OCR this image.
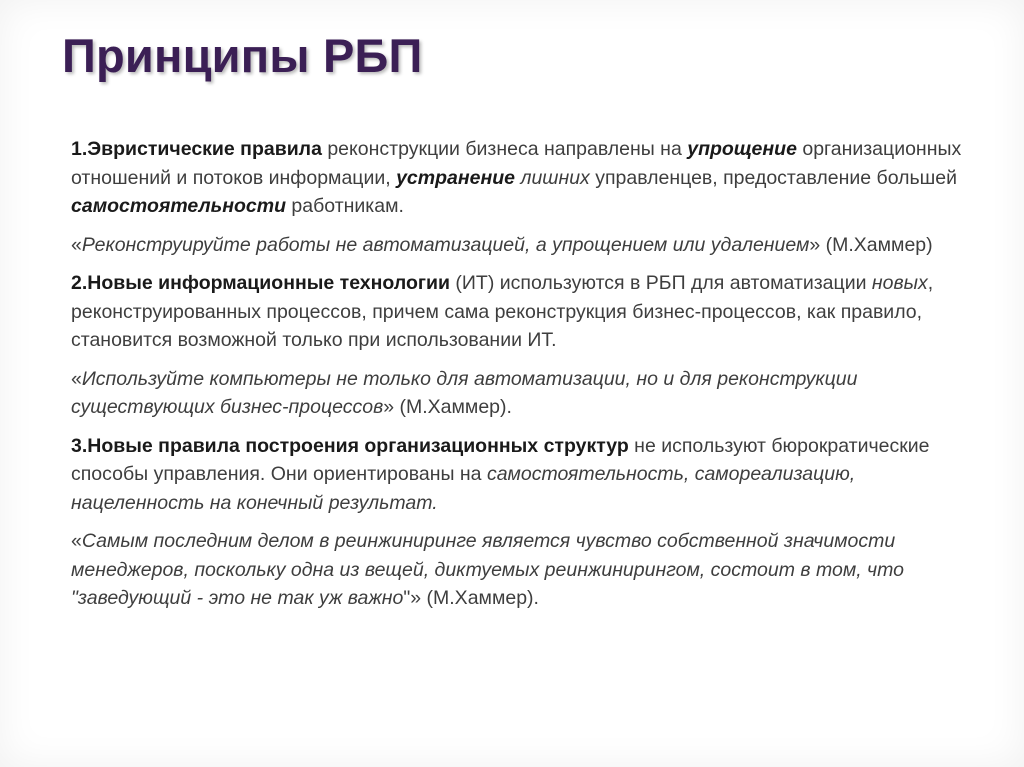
Принципы РБП

1.Эвристические правила реконструкции бизнеса направлены на упрощение организационных отношений и потоков информации, устранение лишних управленцев, предоставление большей самостоятельности работникам.

«Реконструируйте работы не автоматизацией, а упрощением или удалением» (М.Хаммер)

2.Новые информационные технологии (ИТ) используются в РБП для автоматизации новых, реконструированных процессов, причем сама реконструкция бизнес-процессов, как правило, становится возможной только при использовании ИТ.

«Используйте компьютеры не только для автоматизации, но и для реконструкции существующих бизнес-процессов» (М.Хаммер).

3.Новые правила построения организационных структур не используют бюрократические способы управления. Они ориентированы на самостоятельность, самореализацию, нацеленность на конечный результат.

«Самым последним делом в реинжиниринге является чувство собственной значимости менеджеров, поскольку одна из вещей, диктуемых реинжинирингом, состоит в том, что "заведующий - это не так уж важно"» (М.Хаммер).
